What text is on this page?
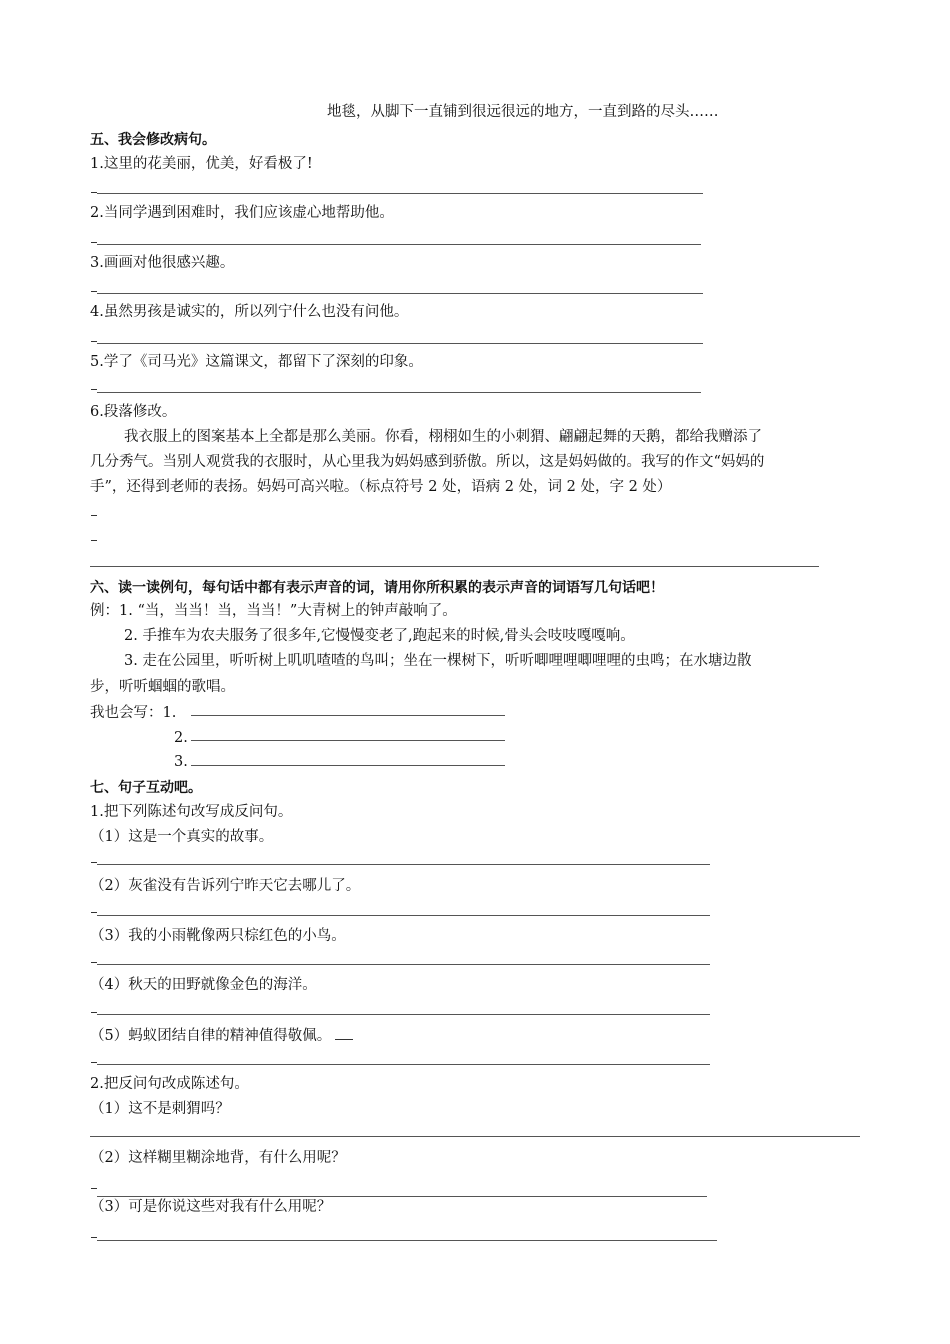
地毯，从脚下一直铺到很远很远的地方，一直到路的尽头……
五、我会修改病句。
1.这里的花美丽，优美，好看极了!
2.当同学遇到困难时，我们应该虚心地帮助他。
3.画画对他很感兴趣。
4.虽然男孩是诚实的，所以列宁什么也没有问他。
5.学了《司马光》这篇课文，都留下了深刻的印象。
6.段落修改。
我衣服上的图案基本上全都是那么美丽。你看，栩栩如生的小刺猬、翩翩起舞的天鹅，都给我赠添了
几分秀气。当别人观赏我的衣服时，从心里我为妈妈感到骄傲。所以，这是妈妈做的。我写的作文“妈妈的
手”，还得到老师的表扬。妈妈可高兴啦。（标点符号 2 处，语病 2 处，词 2 处，字 2 处）
六、读一读例句，每句话中都有表示声音的词，请用你所积累的表示声音的词语写几句话吧！
例：1. “当，当当！当，当当！”大青树上的钟声敲响了。
2. 手推车为农夫服务了很多年,它慢慢变老了,跑起来的时候,骨头会吱吱嘎嘎响。
3. 走在公园里，听听树上叽叽喳喳的鸟叫；坐在一棵树下，听听唧哩哩唧哩哩的虫鸣；在水塘边散
步，听听蝈蝈的歌唱。
我也会写：1.
2.
3.
七、句子互动吧。
1.把下列陈述句改写成反问句。
（1）这是一个真实的故事。
（2）灰雀没有告诉列宁昨天它去哪儿了。
（3）我的小雨靴像两只棕红色的小鸟。
（4）秋天的田野就像金色的海洋。
（5）蚂蚁团结自律的精神值得敬佩。
2.把反问句改成陈述句。
（1）这不是刺猬吗？
（2）这样糊里糊涂地背，有什么用呢？
（3）可是你说这些对我有什么用呢？
